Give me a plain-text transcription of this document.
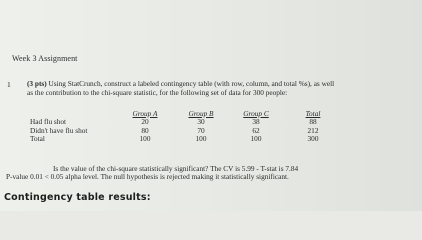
Week 3 Assignment
1 (3 pts) Using StatCrunch, construct a labeled contingency table (with row, column, and total %s), as well
as the contribution to the chi-square statistic, for the following set of data for 300 people:
	Group A	Group B	Group C	Total
Had flu shot	20	30	38	88
Didn't have flu shot	80	70	62	212
Total	100	100	100	300
Is the value of the chi-square statistically significant? The CV is 5.99 - T-stat is 7.84
P-value 0.01 < 0.05 alpha level. The null hypothesis is rejected making it statistically significant.
Contingency table results:
